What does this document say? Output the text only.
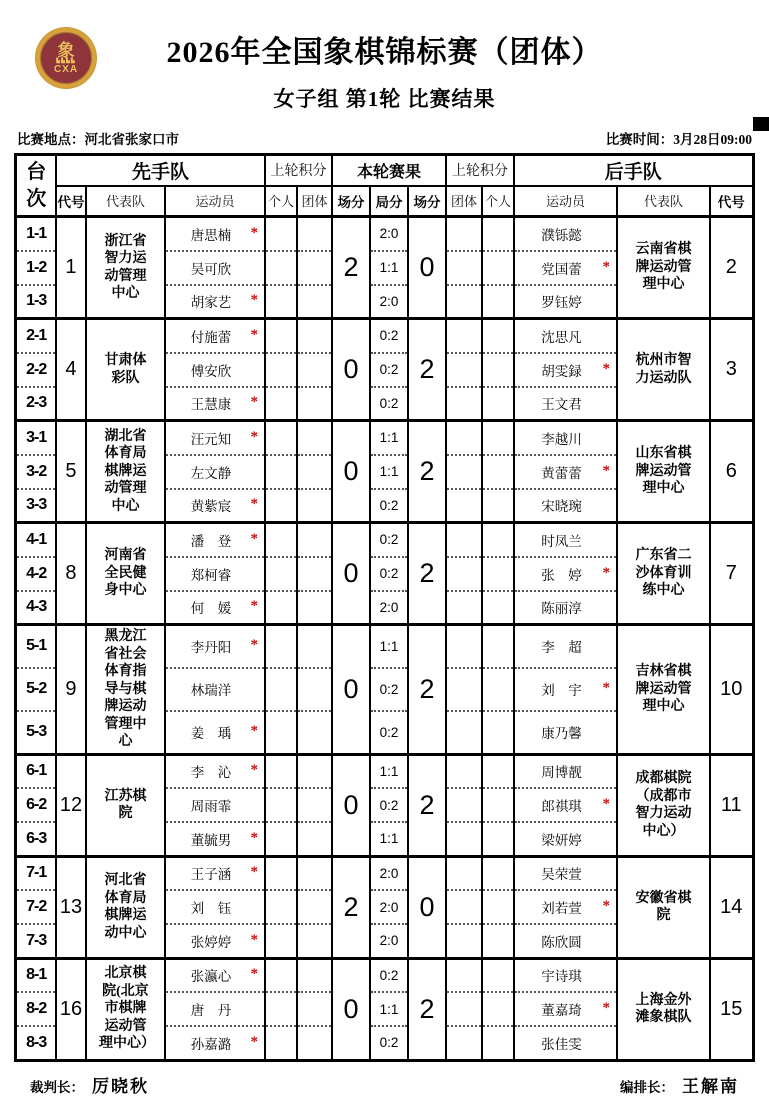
象
▙▙▙▙
CXA	2026年全国象棋锦标赛（团体）
女子组 第1轮 比赛结果
比赛地点：河北省张家口市	比赛时间：3月28日09:00
台次	先手队			上轮积分		本轮赛果			上轮积分		后手队		
	代号	代表队	运动员	个人	团体	场分	局分	场分	团体	个人	运动员	代表队	代号
1-1	1	浙江省智力运动管理中心	唐思楠 *			2	2:0	0			濮铄懿	云南省棋牌运动管理中心	2
1-2			吴可欣				1:1				党国蕾 *		

1-3			胡家艺 *				2:0				罗钰婷		
2-1	4	甘肃体彩队	付施蕾 *			0	0:2	2			沈思凡	杭州市智力运动队	3
2-2			傅安欣				0:2				胡雯録 *		

2-3			王慧康 *				0:2				王文君		
3-1	5	湖北省体育局棋牌运动管理中心	汪元知 *			0	1:1	2			李越川	山东省棋牌运动管理中心	6
3-2			左文静				1:1				黄蕾蕾 *		

3-3			黄紫宸 *				0:2				宋晓琬		
4-1	8	河南省全民健身中心	潘　登 *			0	0:2	2			时凤兰	广东省二沙体育训练中心	7
4-2			郑柯睿				0:2				张　婷 *		

4-3			何　媛 *				2:0				陈丽淳		
5-1	9	黑龙江省社会体育指导与棋牌运动管理中心	李丹阳 *			0	1:1	2			李　超	吉林省棋牌运动管理中心	10
5-2			林瑞洋				0:2				刘　宇 *		

5-3			姜　瑀 *				0:2				康乃馨		
6-1	12	江苏棋院	李　沁 *			0	1:1	2			周博靓	成都棋院（成都市智力运动中心）	11
6-2			周雨霏				0:2				郎祺琪 *		

6-3			董毓男 *				1:1				梁妍婷		
7-1	13	河北省体育局棋牌运动中心	王子涵 *			2	2:0	0			吴荣萱	安徽省棋院	14
7-2			刘　钰				2:0				刘若萱 *		

7-3			张婷婷 *				2:0				陈欣圆		
8-1	16	北京棋院(北京市棋牌运动管理中心）	张瀛心 *			0	0:2	2			宇诗琪	上海金外滩象棋队	15
8-2			唐　丹				1:1				董嘉琦 *		

8-3			孙嘉潞 *				0:2				张佳雯		
裁判长： 厉晓秋	编排长： 王解南
